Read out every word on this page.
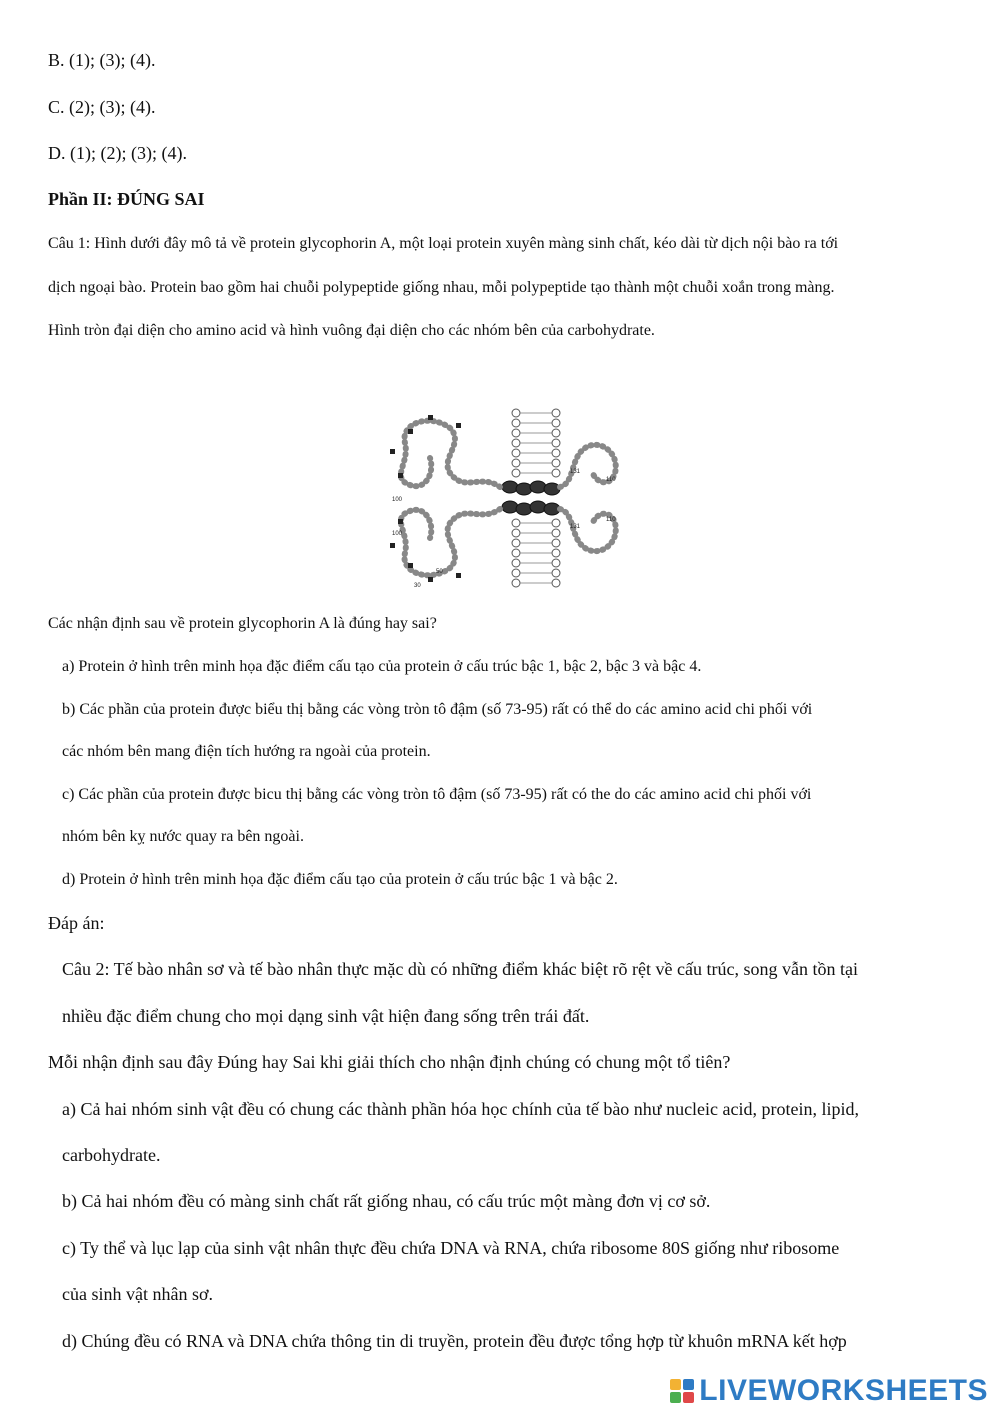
B. (1); (3); (4).
C. (2); (3); (4).
D. (1); (2); (3); (4).
Phần II: ĐÚNG SAI
Câu 1: Hình dưới đây mô tả về protein glycophorin A, một loại protein xuyên màng sinh chất, kéo dài từ dịch nội bào ra tới
dịch ngoại bào. Protein bao gồm hai chuỗi polypeptide giống nhau, mỗi polypeptide tạo thành một chuỗi xoắn trong màng.
Hình tròn đại diện cho amino acid và hình vuông đại diện cho các nhóm bên của carbohydrate.
131
110
131
110
100
100
50
30
Các nhận định sau về protein glycophorin A là đúng hay sai?
a) Protein ở hình trên minh họa đặc điểm cấu tạo của protein ở cấu trúc bậc 1, bậc 2, bậc 3 và bậc 4.
b) Các phần của protein được biểu thị bằng các vòng tròn tô đậm (số 73-95) rất có thể do các amino acid chi phối với
các nhóm bên mang điện tích hướng ra ngoài của protein.
c) Các phần của protein được bicu thị bằng các vòng tròn tô đậm (số 73-95) rất có the do các amino acid chi phối với
nhóm bên kỵ nước quay ra bên ngoài.
d) Protein ở hình trên minh họa đặc điểm cấu tạo của protein ở cấu trúc bậc 1 và bậc 2.
Đáp án:
Câu 2: Tế bào nhân sơ và tế bào nhân thực mặc dù có những điểm khác biệt rõ rệt về cấu trúc, song vẫn tồn tại
nhiều đặc điểm chung cho mọi dạng sinh vật hiện đang sống trên trái đất.
Mỗi nhận định sau đây Đúng hay Sai khi giải thích cho nhận định chúng có chung một tổ tiên?
a) Cả hai nhóm sinh vật đều có chung các thành phần hóa học chính của tế bào như nucleic acid, protein, lipid,
carbohydrate.
b) Cả hai nhóm đều có màng sinh chất rất giống nhau, có cấu trúc một màng đơn vị cơ sở.
c) Ty thể và lục lạp của sinh vật nhân thực đều chứa DNA và RNA, chứa ribosome 80S giống như ribosome
của sinh vật nhân sơ.
d) Chúng đều có RNA và DNA chứa thông tin di truyền, protein đều được tổng hợp từ khuôn mRNA kết hợp
LIVEWORKSHEETS
